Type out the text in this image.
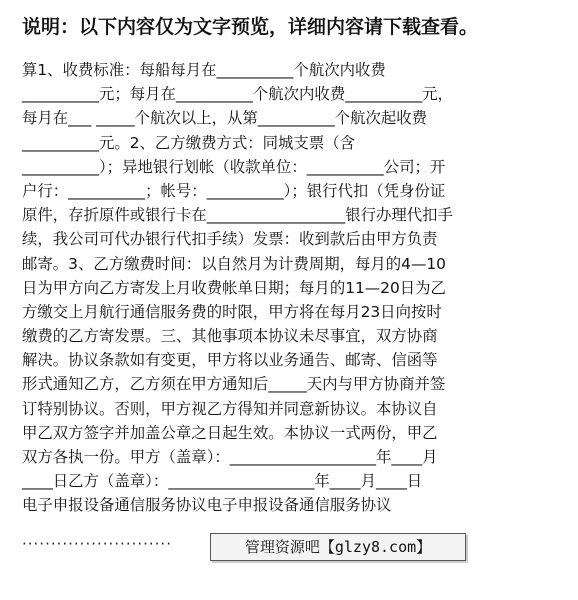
说明：以下内容仅为文字预览，详细内容请下载查看。
算1、收费标准：每船每月在__________个航次内收费
__________元；每月在__________个航次内收费__________元，
每月在___ _____个航次以上，从第__________个航次起收费
__________元。2、乙方缴费方式：同城支票（含
__________）；异地银行划帐（收款单位：__________公司；开
户行：__________；帐号：__________）；银行代扣（凭身份证
原件，存折原件或银行卡在__________________银行办理代扣手
续，我公司可代办银行代扣手续）发票：收到款后由甲方负责
邮寄。3、乙方缴费时间：以自然月为计费周期，每月的4—10
日为甲方向乙方寄发上月收费帐单日期；每月的11—20日为乙
方缴交上月航行通信服务费的时限，甲方将在每月23日向按时
缴费的乙方寄发票。三、其他事项本协议未尽事宜，双方协商
解决。协议条款如有变更，甲方将以业务通告、邮寄、信函等
形式通知乙方，乙方须在甲方通知后_____天内与甲方协商并签
订特别协议。否则，甲方视乙方得知并同意新协议。本协议自
甲乙双方签字并加盖公章之日起生效。本协议一式两份，甲乙
双方各执一份。甲方（盖章）：___________________年____月
____日乙方（盖章）：___________________年____月____日
电子申报设备通信服务协议电子申报设备通信服务协议
··························	管理资源吧【glzy8.com】
